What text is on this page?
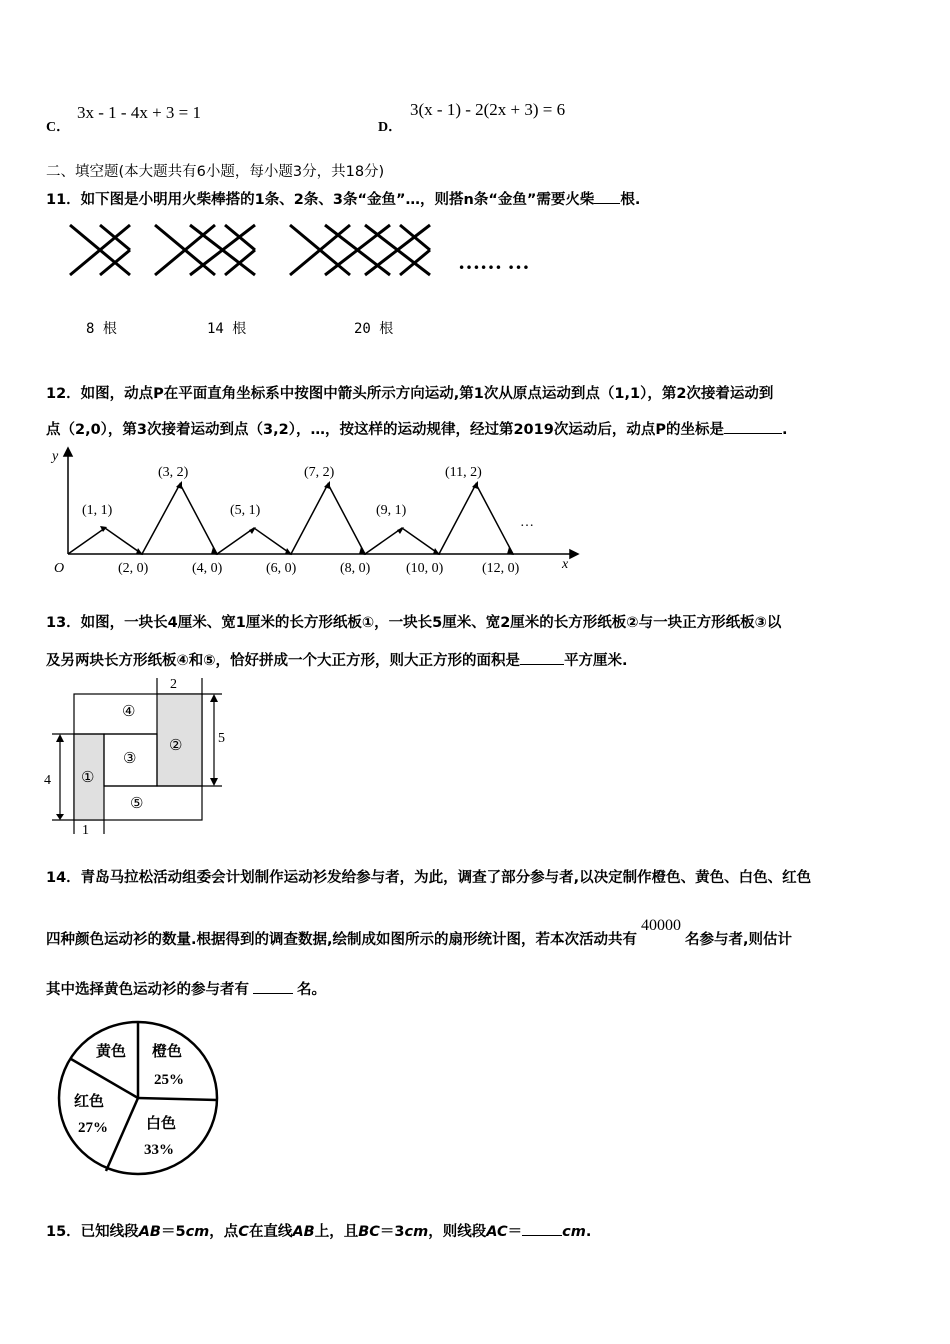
C．
3x - 1 - 4x + 3 = 1
D．
3(x - 1) - 2(2x + 3) = 6
二、填空题(本大题共有6小题，每小题3分，共18分)
11．如下图是小明用火柴棒搭的1条、2条、3条“金鱼”…，则搭n条“金鱼”需要火柴 根.
…… …
8 根	14 根	20 根
12．如图，动点P在平面直角坐标系中按图中箭头所示方向运动,第1次从原点运动到点（1,1），第2次接着运动到
点（2,0），第3次接着运动到点（3,2），…，按这样的运动规律，经过第2019次运动后，动点P的坐标是	.
y
x
O
(1, 1)
(3, 2)
(5, 1)
(7, 2)
(9, 1)
(11, 2)
(2, 0)	(4, 0)	(6, 0)	(8, 0)	(10, 0)	(12, 0)
…
13．如图，一块长4厘米、宽1厘米的长方形纸板①，一块长5厘米、宽2厘米的长方形纸板②与一块正方形纸板③以
及另两块长方形纸板④和⑤，恰好拼成一个大正方形，则大正方形的面积是	平方厘米.
①
②
③
④
⑤
2
5
4
1
14．青岛马拉松活动组委会计划制作运动衫发给参与者，为此，调查了部分参与者,以决定制作橙色、黄色、白色、红色
四种颜色运动衫的数量.根据得到的调查数据,绘制成如图所示的扇形统计图，若本次活动共有40000名参与者,则估计
其中选择黄色运动衫的参与者有	名。
黄色 橙色
25%
红色
27%	白色
33%
15．已知线段AB＝5cm，点C在直线AB上，且BC＝3cm，则线段AC＝	cm.
